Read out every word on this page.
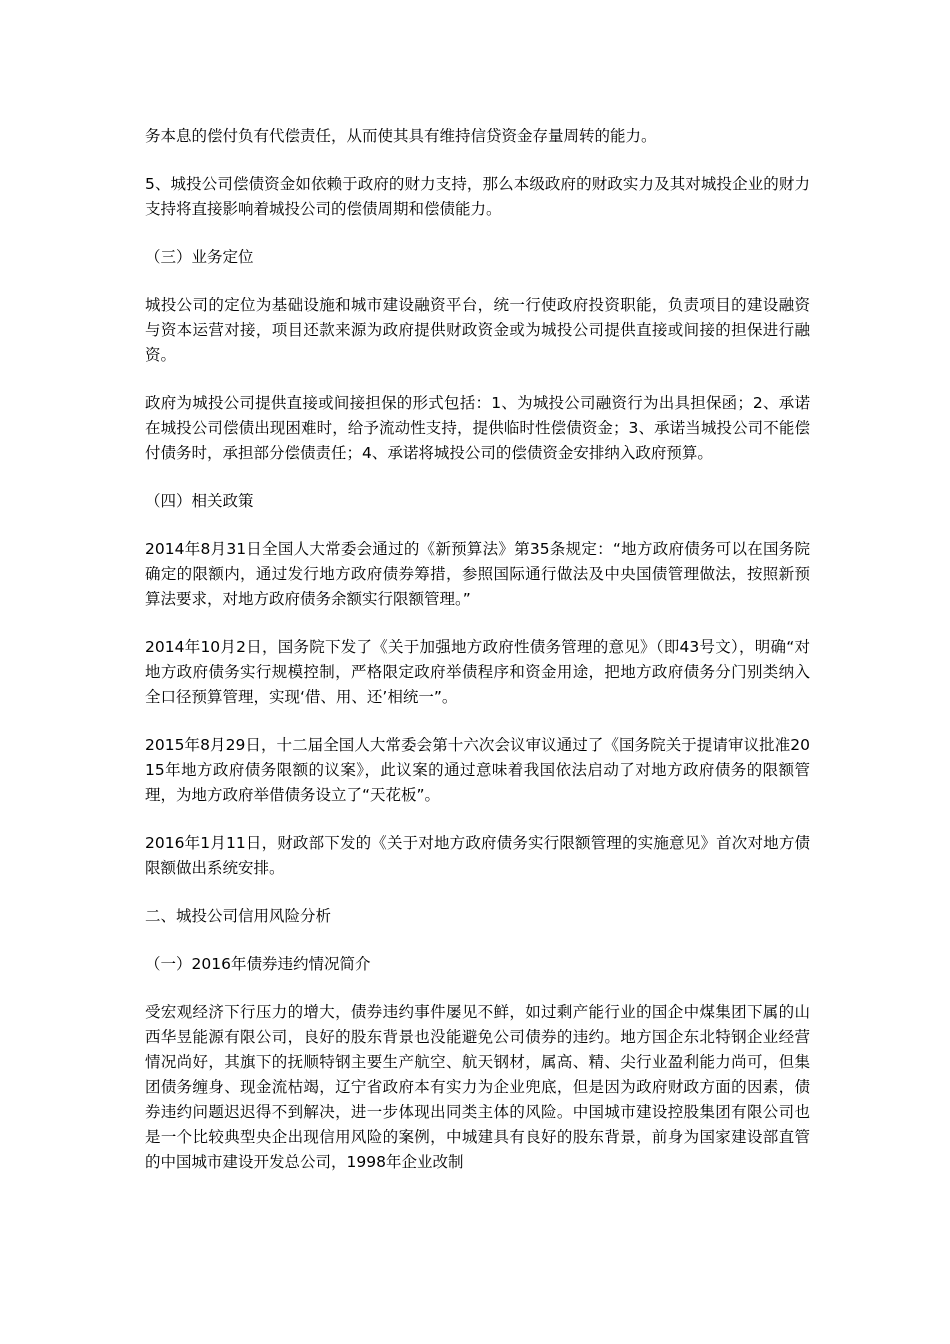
务本息的偿付负有代偿责任，从而使其具有维持信贷资金存量周转的能力。

5、城投公司偿债资金如依赖于政府的财力支持，那么本级政府的财政实力及其对城投企业的财力支持将直接影响着城投公司的偿债周期和偿债能力。

（三）业务定位

城投公司的定位为基础设施和城市建设融资平台，统一行使政府投资职能，负责项目的建设融资与资本运营对接，项目还款来源为政府提供财政资金或为城投公司提供直接或间接的担保进行融资。

政府为城投公司提供直接或间接担保的形式包括：1、为城投公司融资行为出具担保函；2、承诺在城投公司偿债出现困难时，给予流动性支持，提供临时性偿债资金；3、承诺当城投公司不能偿付债务时，承担部分偿债责任；4、承诺将城投公司的偿债资金安排纳入政府预算。

（四）相关政策

2014年8月31日全国人大常委会通过的《新预算法》第35条规定：“地方政府债务可以在国务院确定的限额内，通过发行地方政府债券筹措，参照国际通行做法及中央国债管理做法，按照新预算法要求，对地方政府债务余额实行限额管理。”

2014年10月2日，国务院下发了《关于加强地方政府性债务管理的意见》（即43号文），明确“对地方政府债务实行规模控制，严格限定政府举债程序和资金用途，把地方政府债务分门别类纳入全口径预算管理，实现‘借、用、还’相统一”。

2015年8月29日，十二届全国人大常委会第十六次会议审议通过了《国务院关于提请审议批准2015年地方政府债务限额的议案》，此议案的通过意味着我国依法启动了对地方政府债务的限额管理，为地方政府举借债务设立了“天花板”。

2016年1月11日，财政部下发的《关于对地方政府债务实行限额管理的实施意见》首次对地方债限额做出系统安排。

二、城投公司信用风险分析

（一）2016年债券违约情况简介

受宏观经济下行压力的增大，债券违约事件屡见不鲜，如过剩产能行业的国企中煤集团下属的山西华昱能源有限公司，良好的股东背景也没能避免公司债券的违约。地方国企东北特钢企业经营情况尚好，其旗下的抚顺特钢主要生产航空、航天钢材，属高、精、尖行业盈利能力尚可，但集团债务缠身、现金流枯竭，辽宁省政府本有实力为企业兜底，但是因为政府财政方面的因素，债券违约问题迟迟得不到解决，进一步体现出同类主体的风险。中国城市建设控股集团有限公司也是一个比较典型央企出现信用风险的案例，中城建具有良好的股东背景，前身为国家建设部直管的中国城市建设开发总公司，1998年企业改制
